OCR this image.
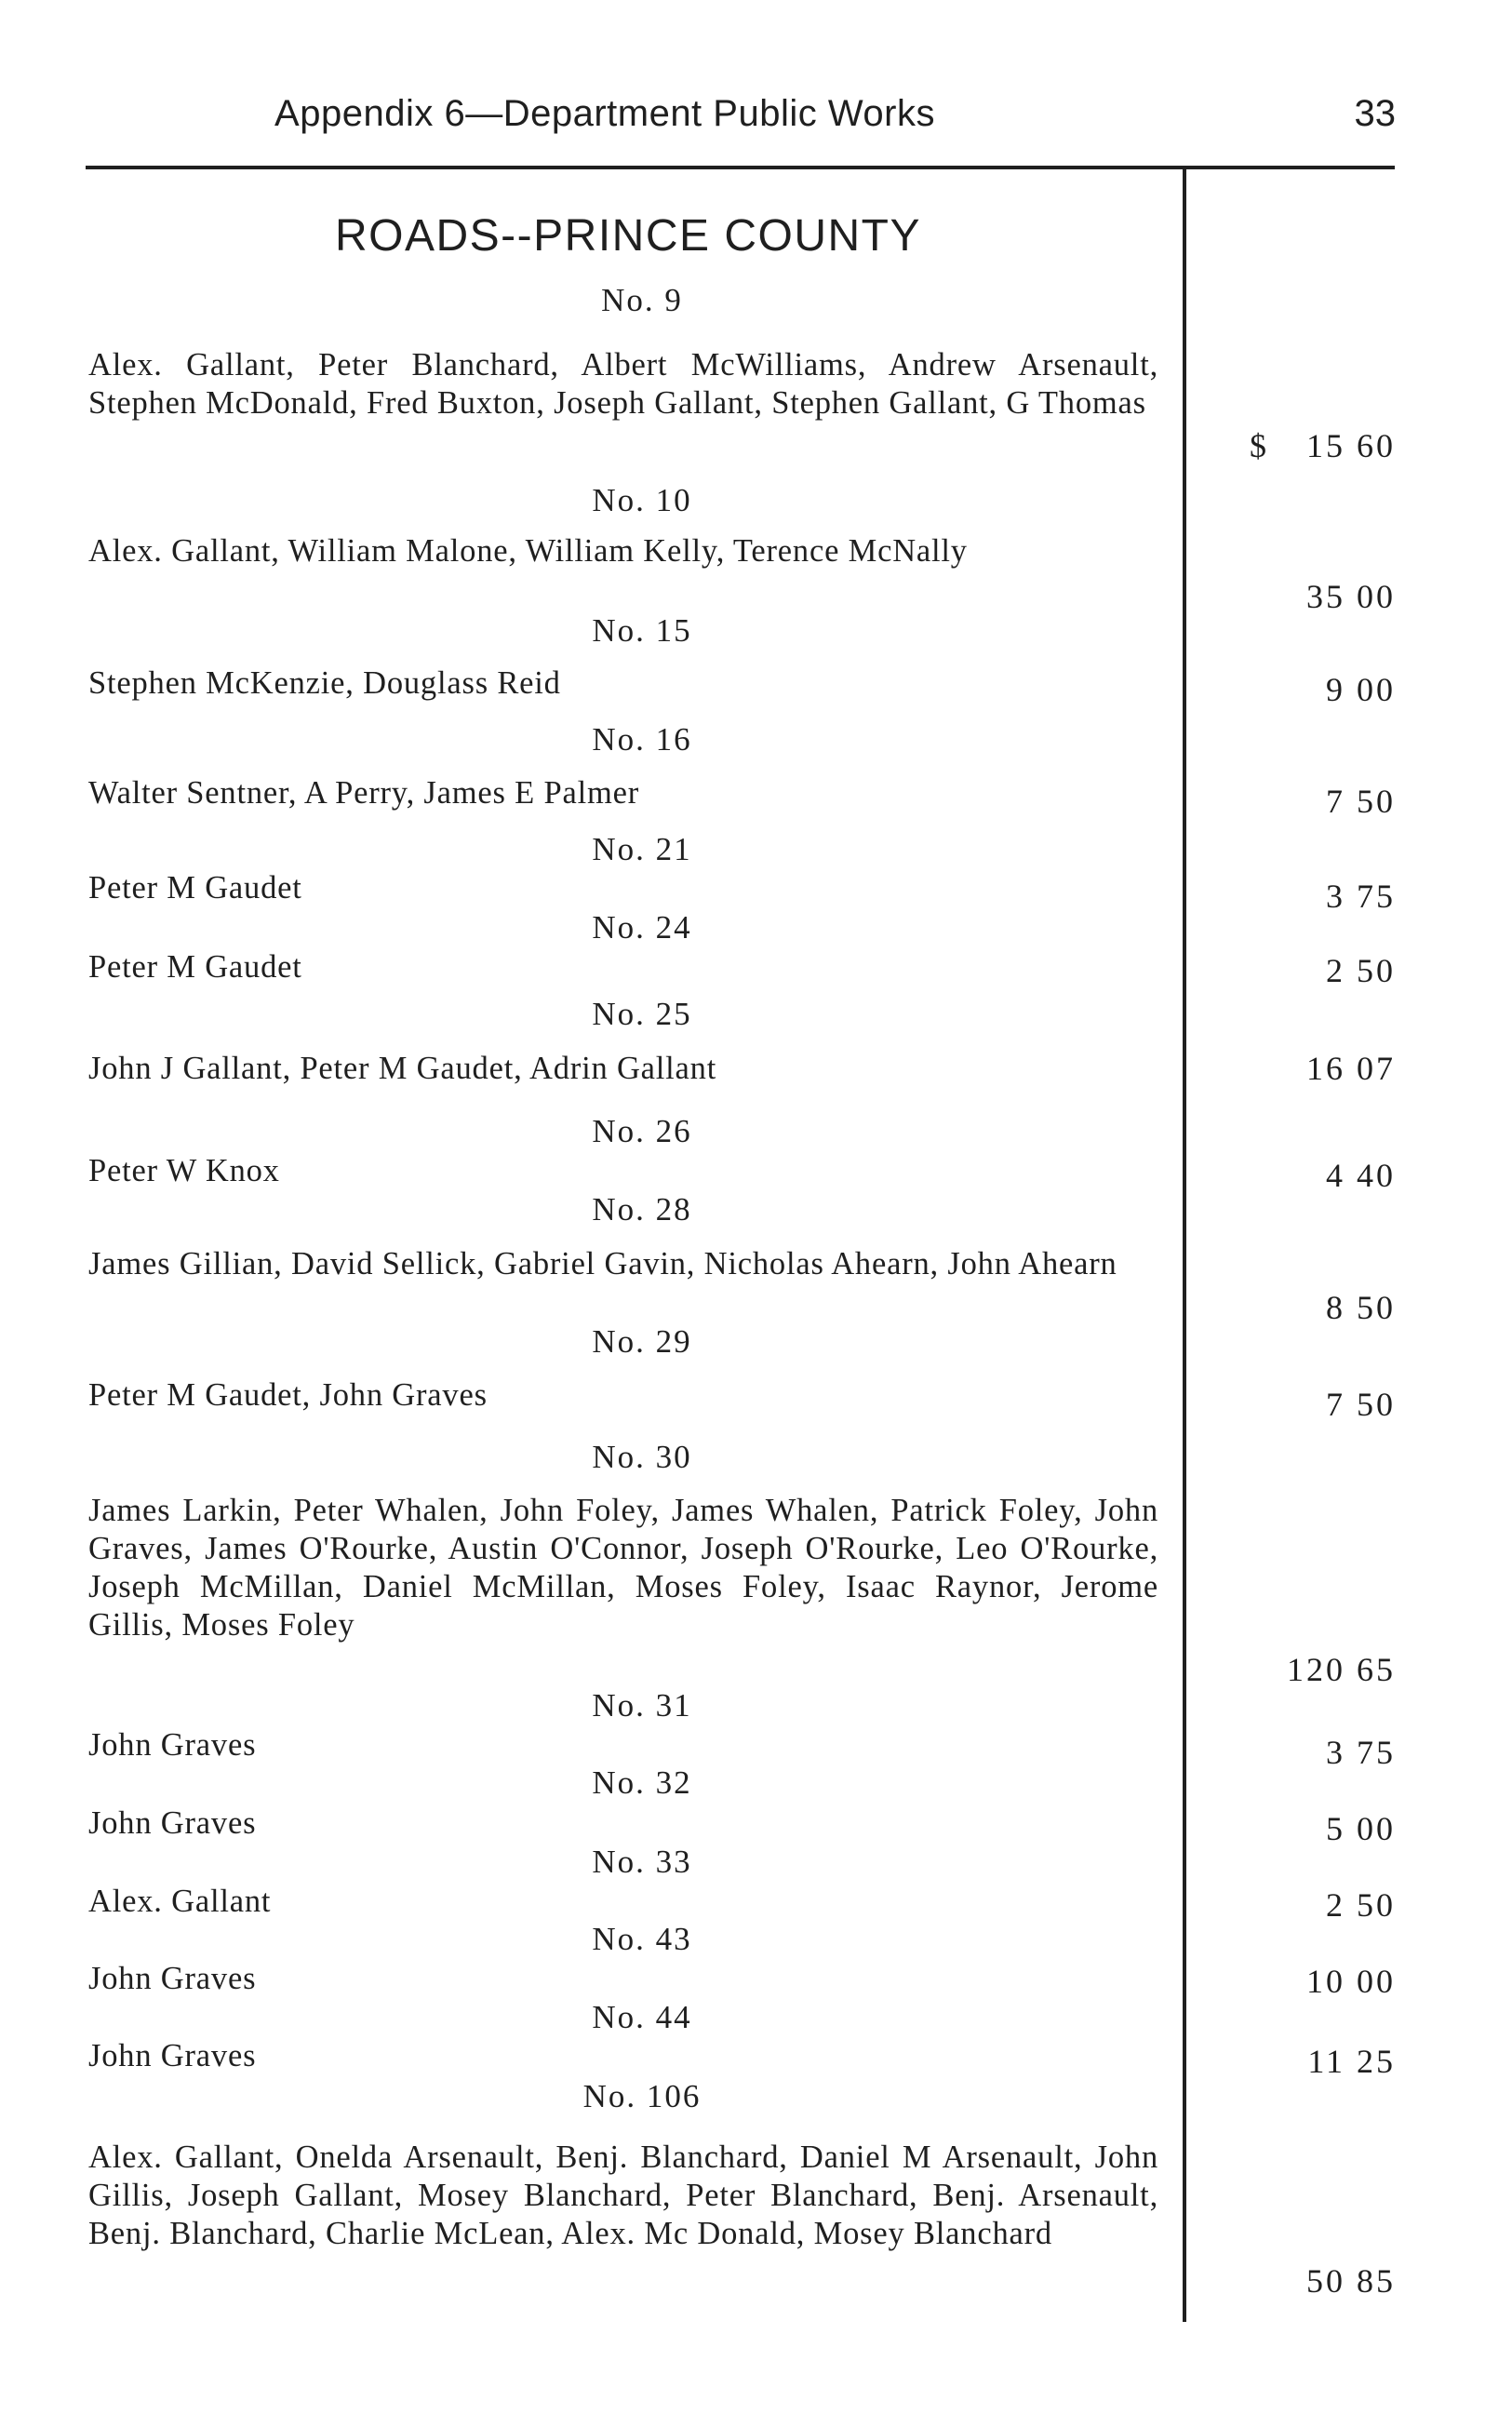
Appendix 6—Department Public Works	33
ROADS--PRINCE COUNTY
No. 9
Alex. Gallant, Peter Blanchard, Albert McWilliams, Andrew Arsenault, Stephen McDonald, Fred Buxton, Joseph Gallant, Stephen Gallant, G Thomas
$ 15 60
No. 10
Alex. Gallant, William Malone, William Kelly, Terence McNally
35 00
No. 15
Stephen McKenzie, Douglass Reid	9 00
No. 16
Walter Sentner, A Perry, James E Palmer	7 50
No. 21
Peter M Gaudet	3 75
No. 24
Peter M Gaudet	2 50
No. 25
John J Gallant, Peter M Gaudet, Adrin Gallant	16 07
No. 26
Peter W Knox	4 40
No. 28
James Gillian, David Sellick, Gabriel Gavin, Nicholas Ahearn, John Ahearn
8 50
No. 29
Peter M Gaudet, John Graves	7 50
No. 30
James Larkin, Peter Whalen, John Foley, James Whalen, Patrick Foley, John Graves, James O'Rourke, Austin O'Connor, Joseph O'Rourke, Leo O'Rourke, Joseph McMillan, Daniel McMillan, Moses Foley, Isaac Raynor, Jerome Gillis, Moses Foley
120 65
No. 31
John Graves	3 75
No. 32
John Graves	5 00
No. 33
Alex. Gallant	2 50
No. 43
John Graves	10 00
No. 44
John Graves	11 25
No. 106
Alex. Gallant, Onelda Arsenault, Benj. Blanchard, Daniel M Arsenault, John Gillis, Joseph Gallant, Mosey Blanchard, Peter Blanchard, Benj. Arsenault, Benj. Blanchard, Charlie McLean, Alex. Mc Donald, Mosey Blanchard
50 85
